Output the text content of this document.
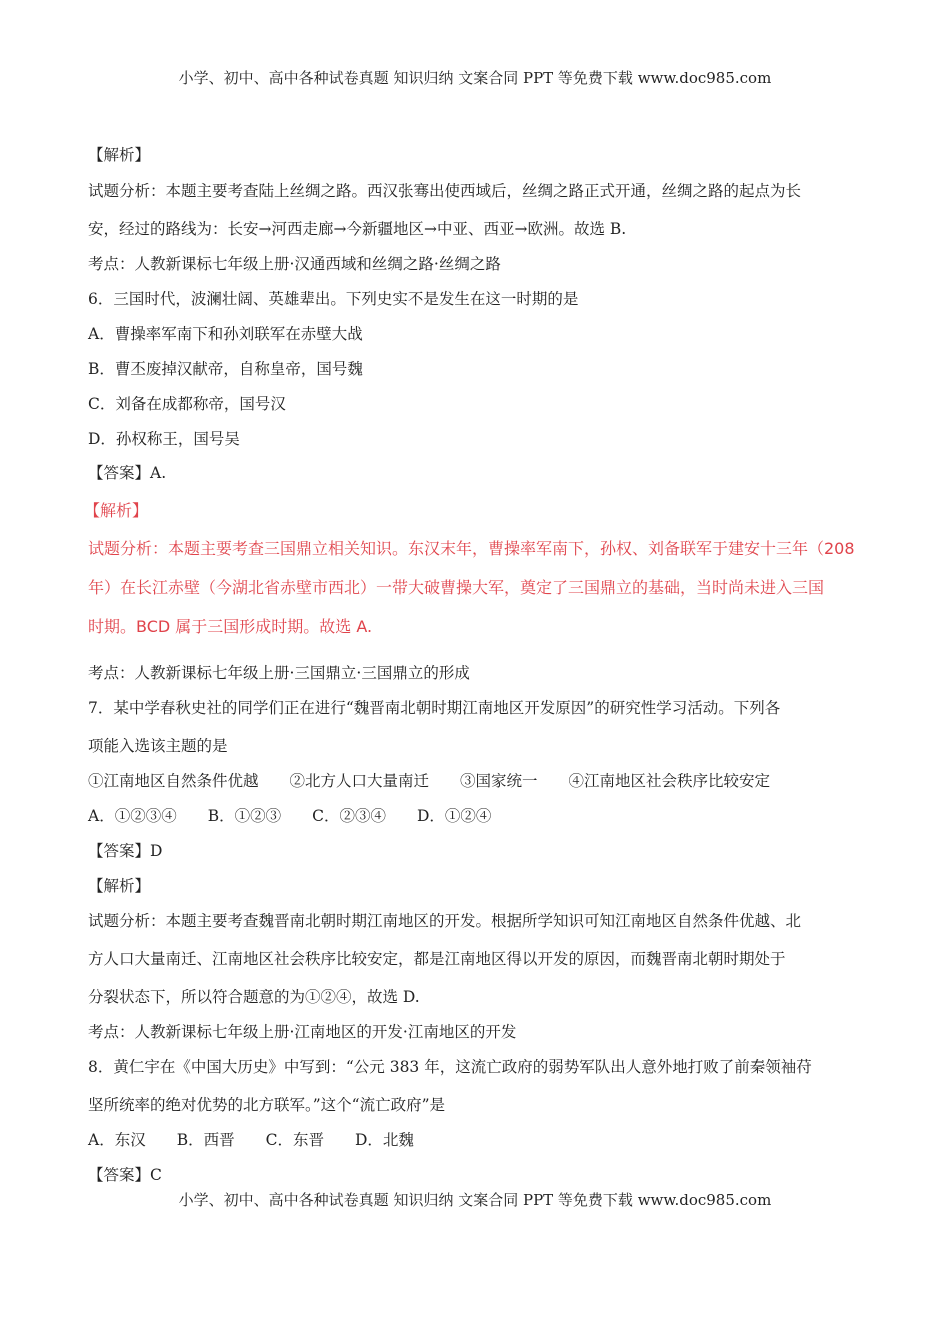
小学、初中、高中各种试卷真题 知识归纳 文案合同 PPT 等免费下载 www.doc985.com
【解析】
试题分析：本题主要考查陆上丝绸之路。西汉张骞出使西域后，丝绸之路正式开通，丝绸之路的起点为长
安，经过的路线为：长安→河西走廊→今新疆地区→中亚、西亚→欧洲。故选 B.
考点：人教新课标七年级上册·汉通西域和丝绸之路·丝绸之路
6．三国时代，波澜壮阔、英雄辈出。下列史实不是发生在这一时期的是
A．曹操率军南下和孙刘联军在赤壁大战
B．曹丕废掉汉献帝，自称皇帝，国号魏
C．刘备在成都称帝，国号汉
D．孙权称王，国号吴
【答案】A.
【解析】
试题分析：本题主要考查三国鼎立相关知识。东汉末年，曹操率军南下，孙权、刘备联军于建安十三年（208
年）在长江赤壁（今湖北省赤壁市西北）一带大破曹操大军，奠定了三国鼎立的基础，当时尚未进入三国
时期。BCD 属于三国形成时期。故选 A.
考点：人教新课标七年级上册·三国鼎立·三国鼎立的形成
7．某中学春秋史社的同学们正在进行“魏晋南北朝时期江南地区开发原因”的研究性学习活动。下列各
项能入选该主题的是
①江南地区自然条件优越　　②北方人口大量南迁　　③国家统一　　④江南地区社会秩序比较安定
A．①②③④　　B．①②③　　C．②③④　　D．①②④
【答案】D
【解析】
试题分析：本题主要考查魏晋南北朝时期江南地区的开发。根据所学知识可知江南地区自然条件优越、北
方人口大量南迁、江南地区社会秩序比较安定，都是江南地区得以开发的原因，而魏晋南北朝时期处于
分裂状态下，所以符合题意的为①②④，故选 D.
考点：人教新课标七年级上册·江南地区的开发·江南地区的开发
8．黄仁宇在《中国大历史》中写到：“公元 383 年，这流亡政府的弱势军队出人意外地打败了前秦领袖苻
坚所统率的绝对优势的北方联军。”这个“流亡政府”是
A．东汉　　B．西晋　　C．东晋　　D．北魏
【答案】C
小学、初中、高中各种试卷真题 知识归纳 文案合同 PPT 等免费下载 www.doc985.com
